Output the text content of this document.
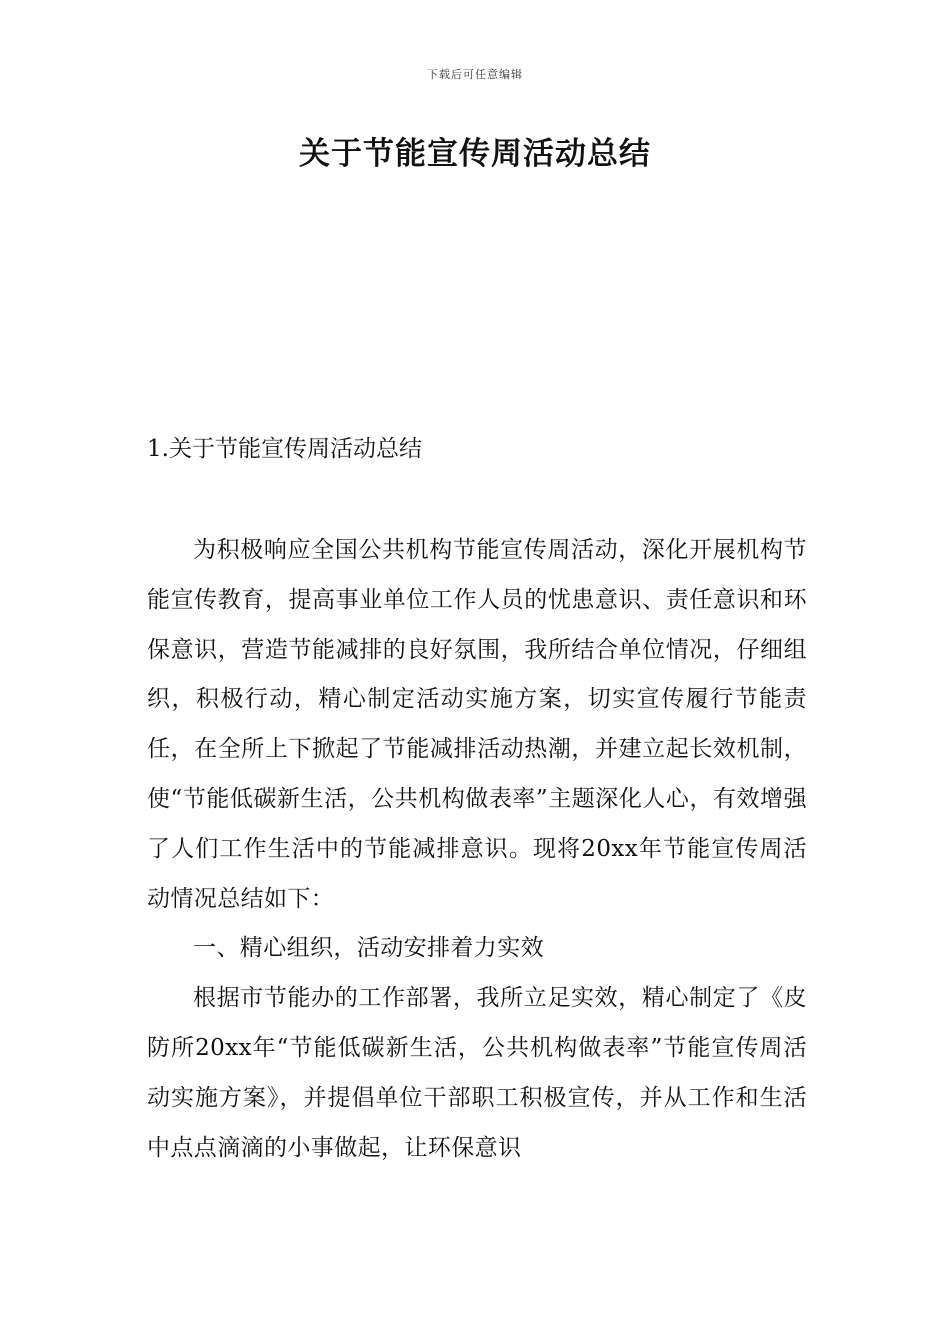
下载后可任意编辑
关于节能宣传周活动总结
1.关于节能宣传周活动总结

为积极响应全国公共机构节能宣传周活动，深化开展机构节能宣传教育，提高事业单位工作人员的忧患意识、责任意识和环保意识，营造节能减排的良好氛围，我所结合单位情况，仔细组织，积极行动，精心制定活动实施方案，切实宣传履行节能责任，在全所上下掀起了节能减排活动热潮，并建立起长效机制，使“节能低碳新生活，公共机构做表率”主题深化人心，有效增强了人们工作生活中的节能减排意识。现将20xx年节能宣传周活动情况总结如下：

一、精心组织，活动安排着力实效

根据市节能办的工作部署，我所立足实效，精心制定了《皮防所20xx年“节能低碳新生活，公共机构做表率”节能宣传周活动实施方案》，并提倡单位干部职工积极宣传，并从工作和生活中点点滴滴的小事做起，让环保意识
